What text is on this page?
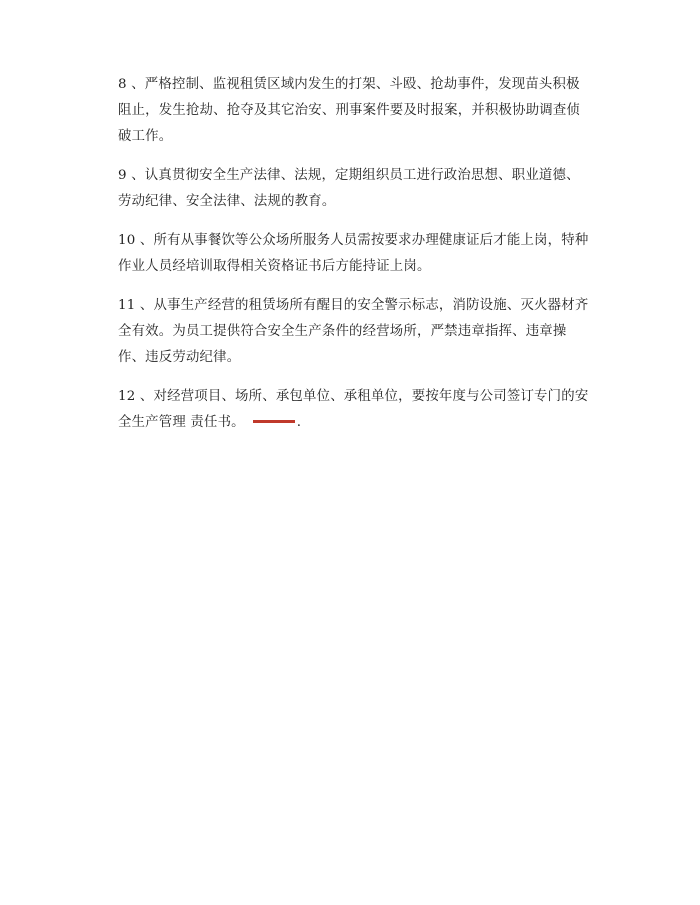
8 、严格控制、监视租赁区域内发生的打架、斗殴、抢劫事件，发现苗头积极阻止，发生抢劫、抢夺及其它治安、刑事案件要及时报案，并积极协助调查侦破工作。

9 、认真贯彻安全生产法律、法规，定期组织员工进行政治思想、职业道德、劳动纪律、安全法律、法规的教育。

10 、所有从事餐饮等公众场所服务人员需按要求办理健康证后才能上岗，特种作业人员经培训取得相关资格证书后方能持证上岗。

11 、从事生产经营的租赁场所有醒目的安全警示标志，消防设施、灭火器材齐全有效。为员工提供符合安全生产条件的经营场所，严禁违章指挥、违章操作、违反劳动纪律。

12 、对经营项目、场所、承包单位、承租单位，要按年度与公司签订专门的安全生产管理 责任书。	.
